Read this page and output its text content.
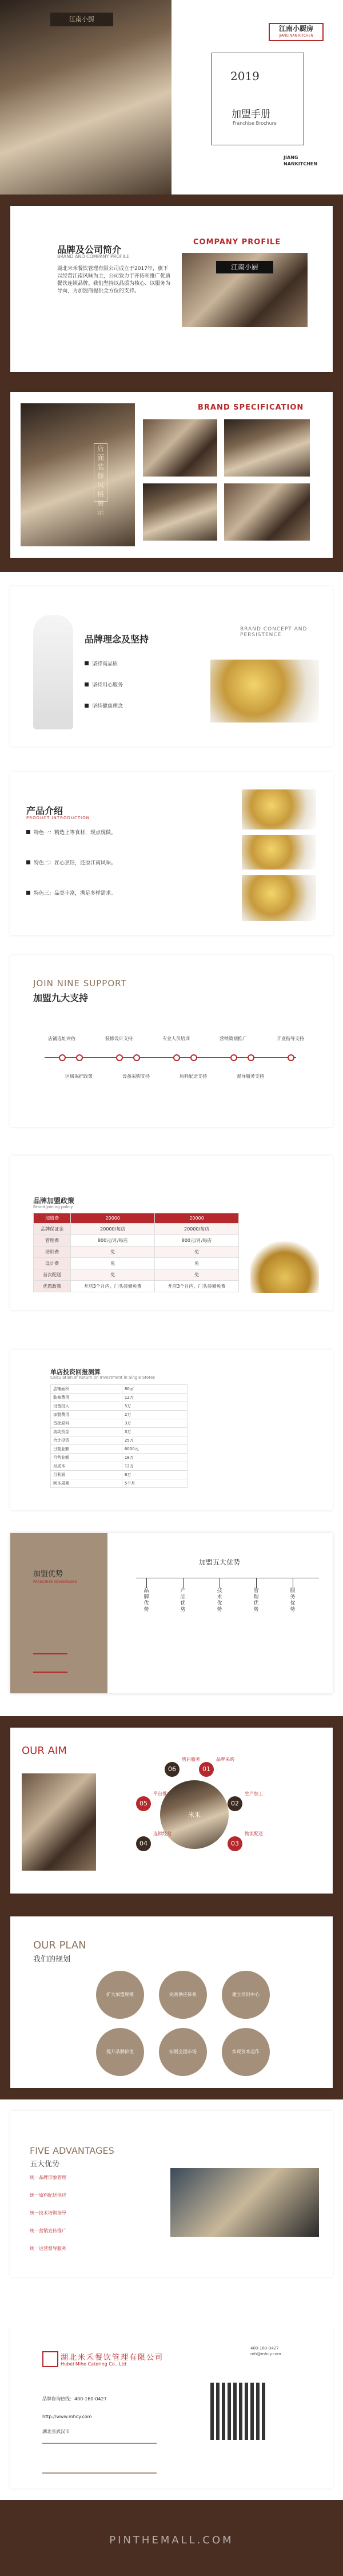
江南小厨
江南小厨房
JIANG NAN KITCHEN
2019
加盟手册
Franchise Brochure
JIANG NANKITCHEN
品牌及公司简介
BRAND AND COMPANY PROFILE
湖北米禾餐饮管理有限公司成立于2017年，旗下以经营江南风味为主，公司致力于开拓和推广优质餐饮连锁品牌。我们坚持以品质为核心、以服务为导向，为加盟商提供全方位的支持。
COMPANY PROFILE
江南小厨
店面装修风格展示
BRAND SPECIFICATION
品牌理念及坚持
BRAND CONCEPT AND PERSISTENCE
坚持高品质
坚持用心服务
坚持健康理念
产品介绍
PRODUCT INTRODUCTION
特色一：精选上等食材，现点现做。
特色二：匠心烹饪，还原江南风味。
特色三：品类丰富，满足多样需求。
JOIN NINE SUPPORT
加盟九大支持
店铺选址评估	装修设计支持	专业人员培训	营销策划推广	开业指导支持
区域保护政策	设备采购支持	原料配送支持	督导服务支持
品牌加盟政策
Brand joining policy
加盟费	20000	20000
品牌保证金	20000/每店	20000/每店
管理费	800元/月/每店	800元/月/每店
培训费	免	免
设计费	免	免
首次配送	免	免
优惠政策	开店3个月内，门头装修免费	开店3个月内，门头装修免费
单店投资回报测算
Calculation of Return on Investment in Single Stores
店铺面积	80㎡
装修费用	12万
设备投入	5万
加盟费用	2万
首批原料	3万
流动资金	3万
合计投资	25万
日营业额	6000元
月营业额	18万
月成本	12万
月利润	6万
回本周期	5个月
加盟优势
FRANCHISE ADVANTAGES
加盟五大优势
品牌优势
产品优势
技术优势
管理优势
服务优势
OUR AIM
米禾
01
品牌采购
02
生产加工
03
物流配送
04
连锁经营
05
平台推广
06
售后服务
OUR PLAN
我们的规划
扩大加盟规模	完善供应体系	建立培训中心
提升品牌价值	拓展全国市场	实现资本运作
FIVE ADVANTAGES
五大优势
统一品牌形象管理
统一原料配送供应
统一技术培训指导
统一营销宣传推广
统一运营督导服务
湖北米禾餐饮管理有限公司
Hubei Mihe Catering Co., Ltd
品牌咨询热线：400-160-0427
http://www.mhcy.com
湖北省武汉市
400-160-0427
mh@mhcy.com
PINTHEMALL.COM
